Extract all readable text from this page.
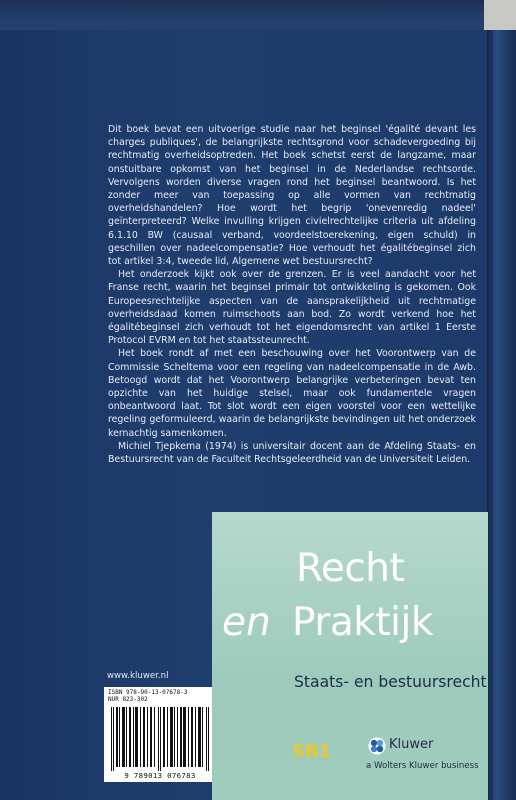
Dit boek bevat een uitvoerige studie naar het beginsel 'égalité devant les charges publiques', de belangrijkste rechtsgrond voor schadevergoeding bij rechtmatig overheidsoptreden. Het boek schetst eerst de langzame, maar onstuitbare opkomst van het beginsel in de Nederlandse rechtsorde. Vervolgens worden diverse vragen rond het beginsel beantwoord. Is het zonder meer van toepassing op alle vormen van rechtmatig overheidshandelen? Hoe wordt het begrip 'onevenredig nadeel' geïnterpreteerd? Welke invulling krijgen civielrechtelijke criteria uit afdeling 6.1.10 BW (causaal verband, voordeelstoerekening, eigen schuld) in geschillen over nadeelcompensatie? Hoe verhoudt het égalitébeginsel zich tot artikel 3:4, tweede lid, Algemene wet bestuursrecht?

Het onderzoek kijkt ook over de grenzen. Er is veel aandacht voor het Franse recht, waarin het beginsel primair tot ontwikkeling is gekomen. Ook Europeesrechtelijke aspecten van de aansprakelijkheid uit rechtmatige overheidsdaad komen ruimschoots aan bod. Zo wordt verkend hoe het égalitébeginsel zich verhoudt tot het eigendomsrecht van artikel 1 Eerste Protocol EVRM en tot het staatssteunrecht.

Het boek rondt af met een beschouwing over het Voorontwerp van de Commissie Scheltema voor een regeling van nadeelcompensatie in de Awb. Betoogd wordt dat het Voorontwerp belangrijke verbeteringen bevat ten opzichte van het huidige stelsel, maar ook fundamentele vragen onbeantwoord laat. Tot slot wordt een eigen voorstel voor een wettelijke regeling geformuleerd, waarin de belangrijkste bevindingen uit het onderzoek kernachtig samenkomen.

Michiel Tjepkema (1974) is universitair docent aan de Afdeling Staats- en Bestuursrecht van de Faculteit Rechtsgeleerdheid van de Universiteit Leiden.

www.kluwer.nl
ISBN 978-90-13-07678-3
NUR 823-302
9 789013 076783
Recht
en Praktijk
Staats- en bestuursrecht
SB1	Kluwer
a Wolters Kluwer business
